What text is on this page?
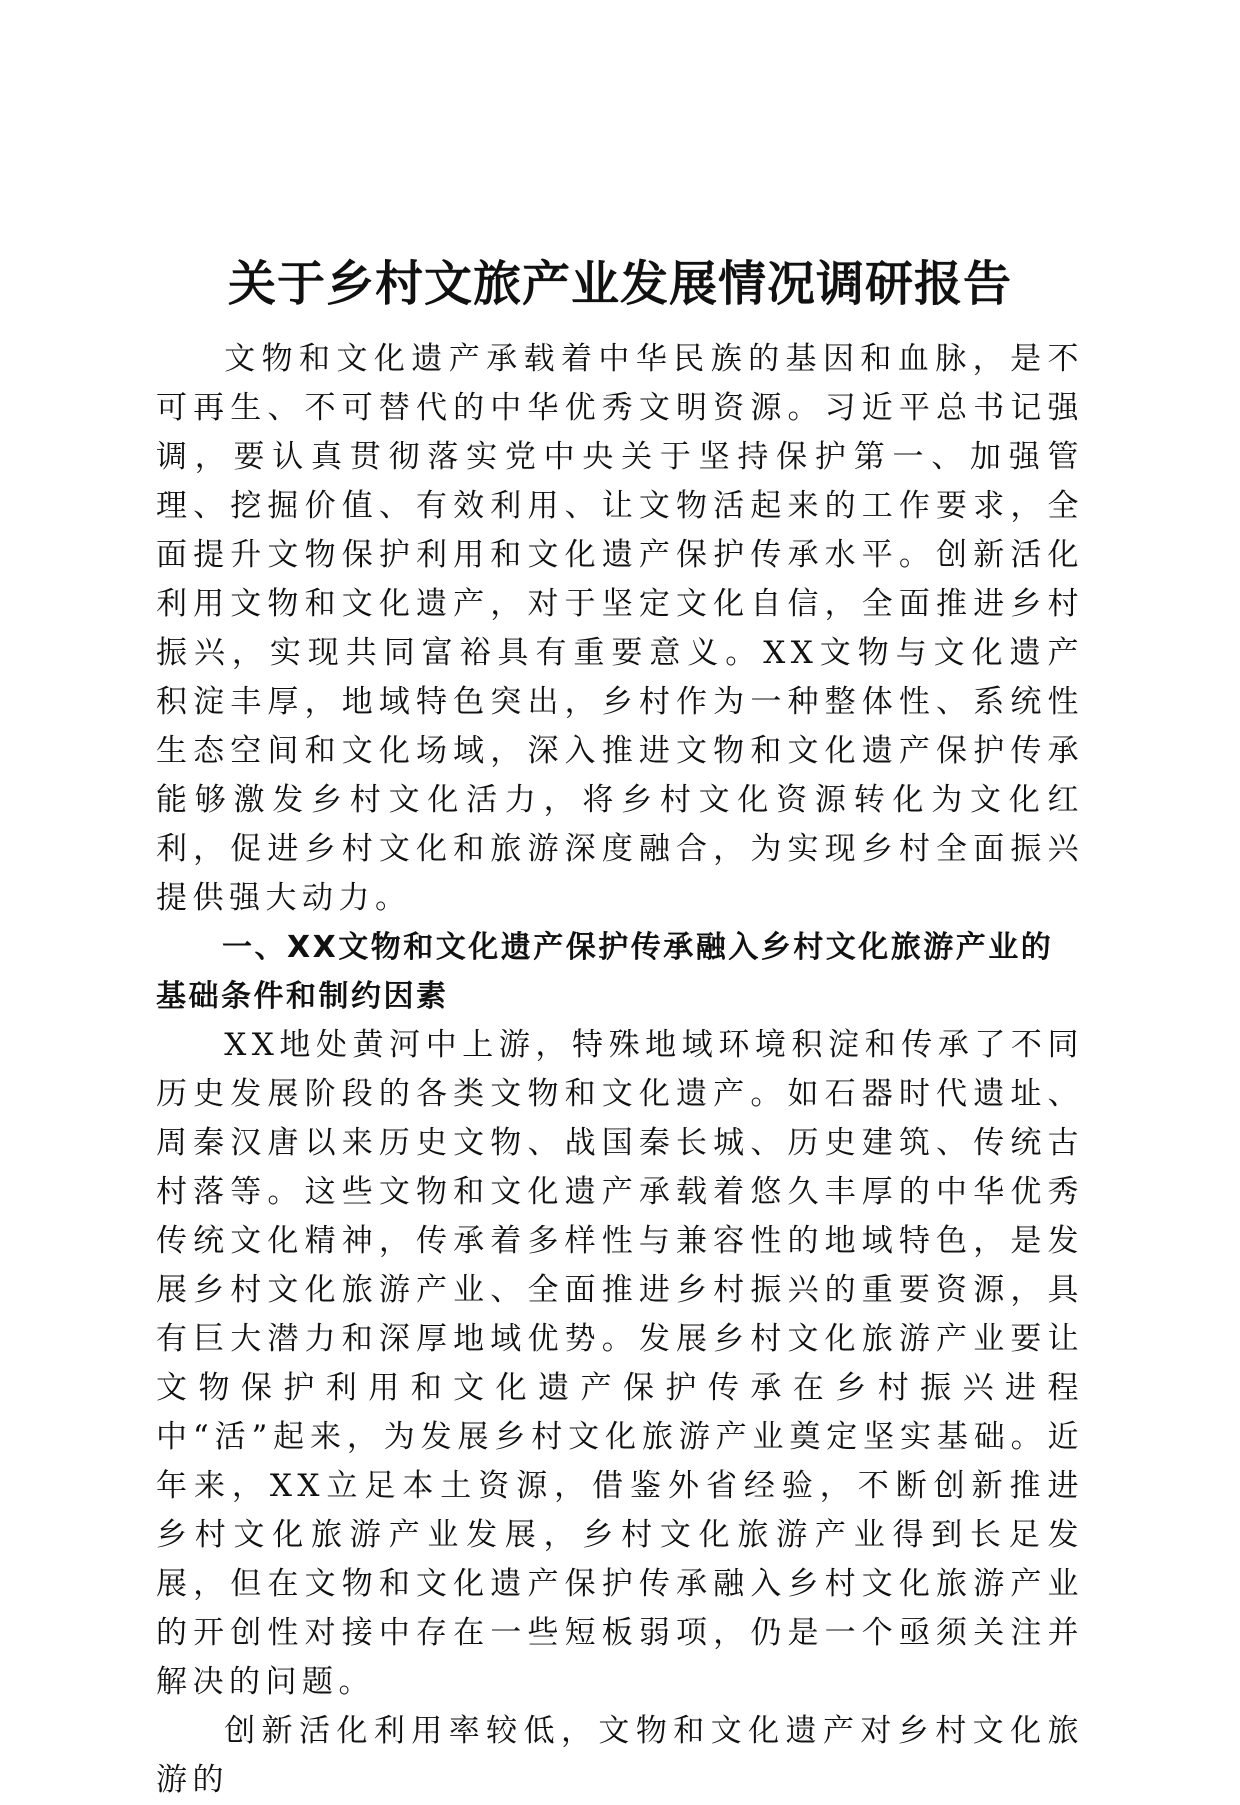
关于乡村文旅产业发展情况调研报告

文物和文化遗产承载着中华民族的基因和血脉，是不可再生、不可替代的中华优秀文明资源。习近平总书记强调，要认真贯彻落实党中央关于坚持保护第一、加强管理、挖掘价值、有效利用、让文物活起来的工作要求，全面提升文物保护利用和文化遗产保护传承水平。创新活化利用文物和文化遗产，对于坚定文化自信，全面推进乡村振兴，实现共同富裕具有重要意义。XX文物与文化遗产积淀丰厚，地域特色突出，乡村作为一种整体性、系统性生态空间和文化场域，深入推进文物和文化遗产保护传承能够激发乡村文化活力，将乡村文化资源转化为文化红利，促进乡村文化和旅游深度融合，为实现乡村全面振兴提供强大动力。

一、XX文物和文化遗产保护传承融入乡村文化旅游产业的基础条件和制约因素

XX地处黄河中上游，特殊地域环境积淀和传承了不同历史发展阶段的各类文物和文化遗产。如石器时代遗址、周秦汉唐以来历史文物、战国秦长城、历史建筑、传统古村落等。这些文物和文化遗产承载着悠久丰厚的中华优秀传统文化精神，传承着多样性与兼容性的地域特色，是发展乡村文化旅游产业、全面推进乡村振兴的重要资源，具有巨大潜力和深厚地域优势。发展乡村文化旅游产业要让文物保护利用和文化遗产保护传承在乡村振兴进程中“活”起来，为发展乡村文化旅游产业奠定坚实基础。近年来，XX立足本土资源，借鉴外省经验，不断创新推进乡村文化旅游产业发展，乡村文化旅游产业得到长足发展，但在文物和文化遗产保护传承融入乡村文化旅游产业的开创性对接中存在一些短板弱项，仍是一个亟须关注并解决的问题。

创新活化利用率较低，文物和文化遗产对乡村文化旅游的
